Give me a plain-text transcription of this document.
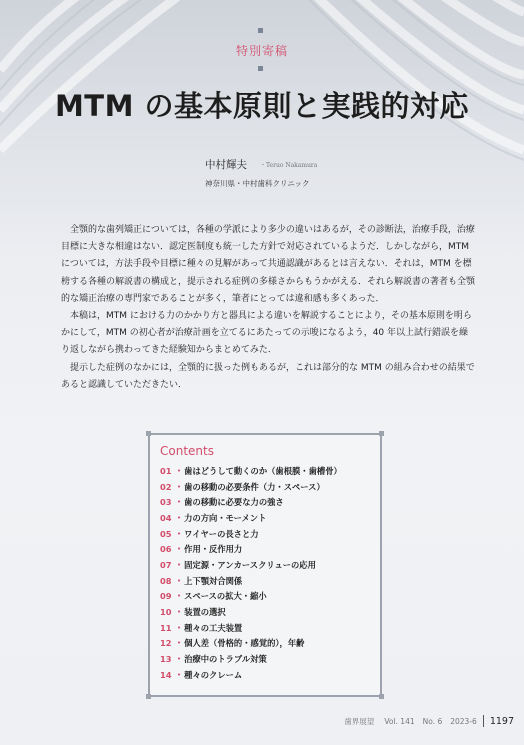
特別寄稿
MTM の基本原則と実践的対応
中村輝夫 ・Teruo Nakamura
神奈川県・中村歯科クリニック

全顎的な歯列矯正については，各種の学派により多少の違いはあるが，その診断法，治療手段，治療目標に大きな相違はない．認定医制度も統一した方針で対応されているようだ．しかしながら，MTM については，方法手段や目標に種々の見解があって共通認識があるとは言えない．それは，MTM を標榜する各種の解説書の構成と，提示される症例の多様さからもうかがえる．それら解説書の著者も全顎的な矯正治療の専門家であることが多く，筆者にとっては違和感も多くあった．

本稿は，MTM における力のかかり方と器具による違いを解説することにより，その基本原則を明らかにして，MTM の初心者が治療計画を立てるにあたっての示唆になるよう，40 年以上試行錯誤を繰り返しながら携わってきた経験知からまとめてみた．

提示した症例のなかには，全顎的に扱った例もあるが，これは部分的な MTM の組み合わせの結果であると認識していただきたい．

Contents
01 • 歯はどうして動くのか（歯根膜・歯槽骨）
02 • 歯の移動の必要条件（力・スペース）
03 • 歯の移動に必要な力の強さ
04 • 力の方向・モーメント
05 • ワイヤーの長さと力
06 • 作用・反作用力
07 • 固定源・アンカースクリューの応用
08 • 上下顎対合関係
09 • スペースの拡大・縮小
10 • 装置の選択
11 • 種々の工夫装置
12 • 個人差（骨格的・感覚的），年齢
13 • 治療中のトラブル対策
14 • 種々のクレーム
歯界展望 Vol. 141 No. 6 2023-6 1197
